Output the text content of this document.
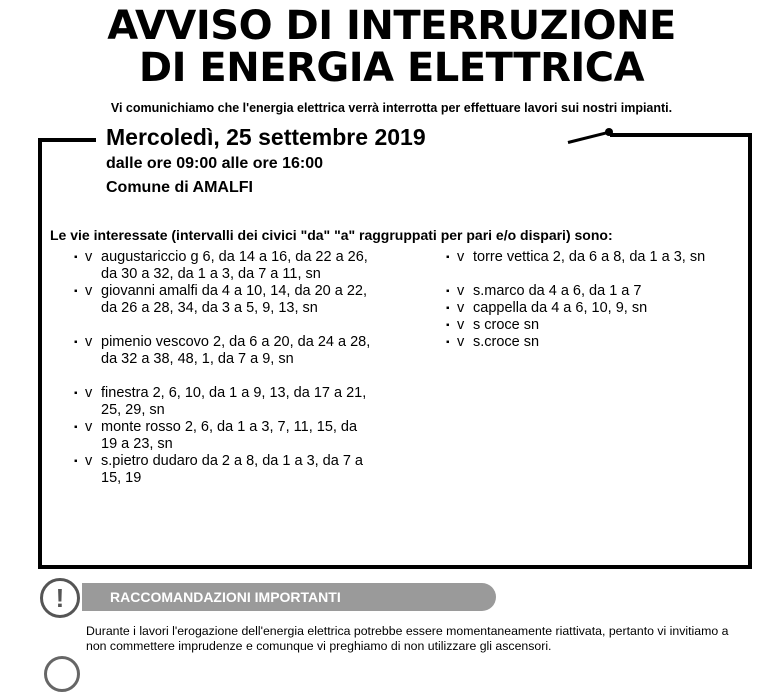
AVVISO DI INTERRUZIONE
DI ENERGIA ELETTRICA
Vi comunichiamo che l'energia elettrica verrà interrotta per effettuare lavori sui nostri impianti.
Mercoledì, 25 settembre 2019
dalle ore 09:00 alle ore 16:00
Comune di AMALFI
Le vie interessate (intervalli dei civici "da" "a" raggruppati per pari e/o dispari) sono:
▪ v augustariccio g 6, da 14 a 16, da 22 a 26, da 30 a 32, da 1 a 3, da 7 a 11, sn
▪ v giovanni amalfi da 4 a 10, 14, da 20 a 22, da 26 a 28, 34, da 3 a 5, 9, 13, sn
▪ v pimenio vescovo 2, da 6 a 20, da 24 a 28, da 32 a 38, 48, 1, da 7 a 9, sn
▪ v finestra 2, 6, 10, da 1 a 9, 13, da 17 a 21, 25, 29, sn
▪ v monte rosso 2, 6, da 1 a 3, 7, 11, 15, da 19 a 23, sn
▪ v s.pietro dudaro da 2 a 8, da 1 a 3, da 7 a 15, 19
▪ v torre vettica 2, da 6 a 8, da 1 a 3, sn
▪ v s.marco da 4 a 6, da 1 a 7
▪ v cappella da 4 a 6, 10, 9, sn
▪ v s croce sn
▪ v s.croce sn
!	RACCOMANDAZIONI IMPORTANTI
Durante i lavori l'erogazione dell'energia elettrica potrebbe essere momentaneamente riattivata, pertanto vi invitiamo a non commettere imprudenze e comunque vi preghiamo di non utilizzare gli ascensori.
